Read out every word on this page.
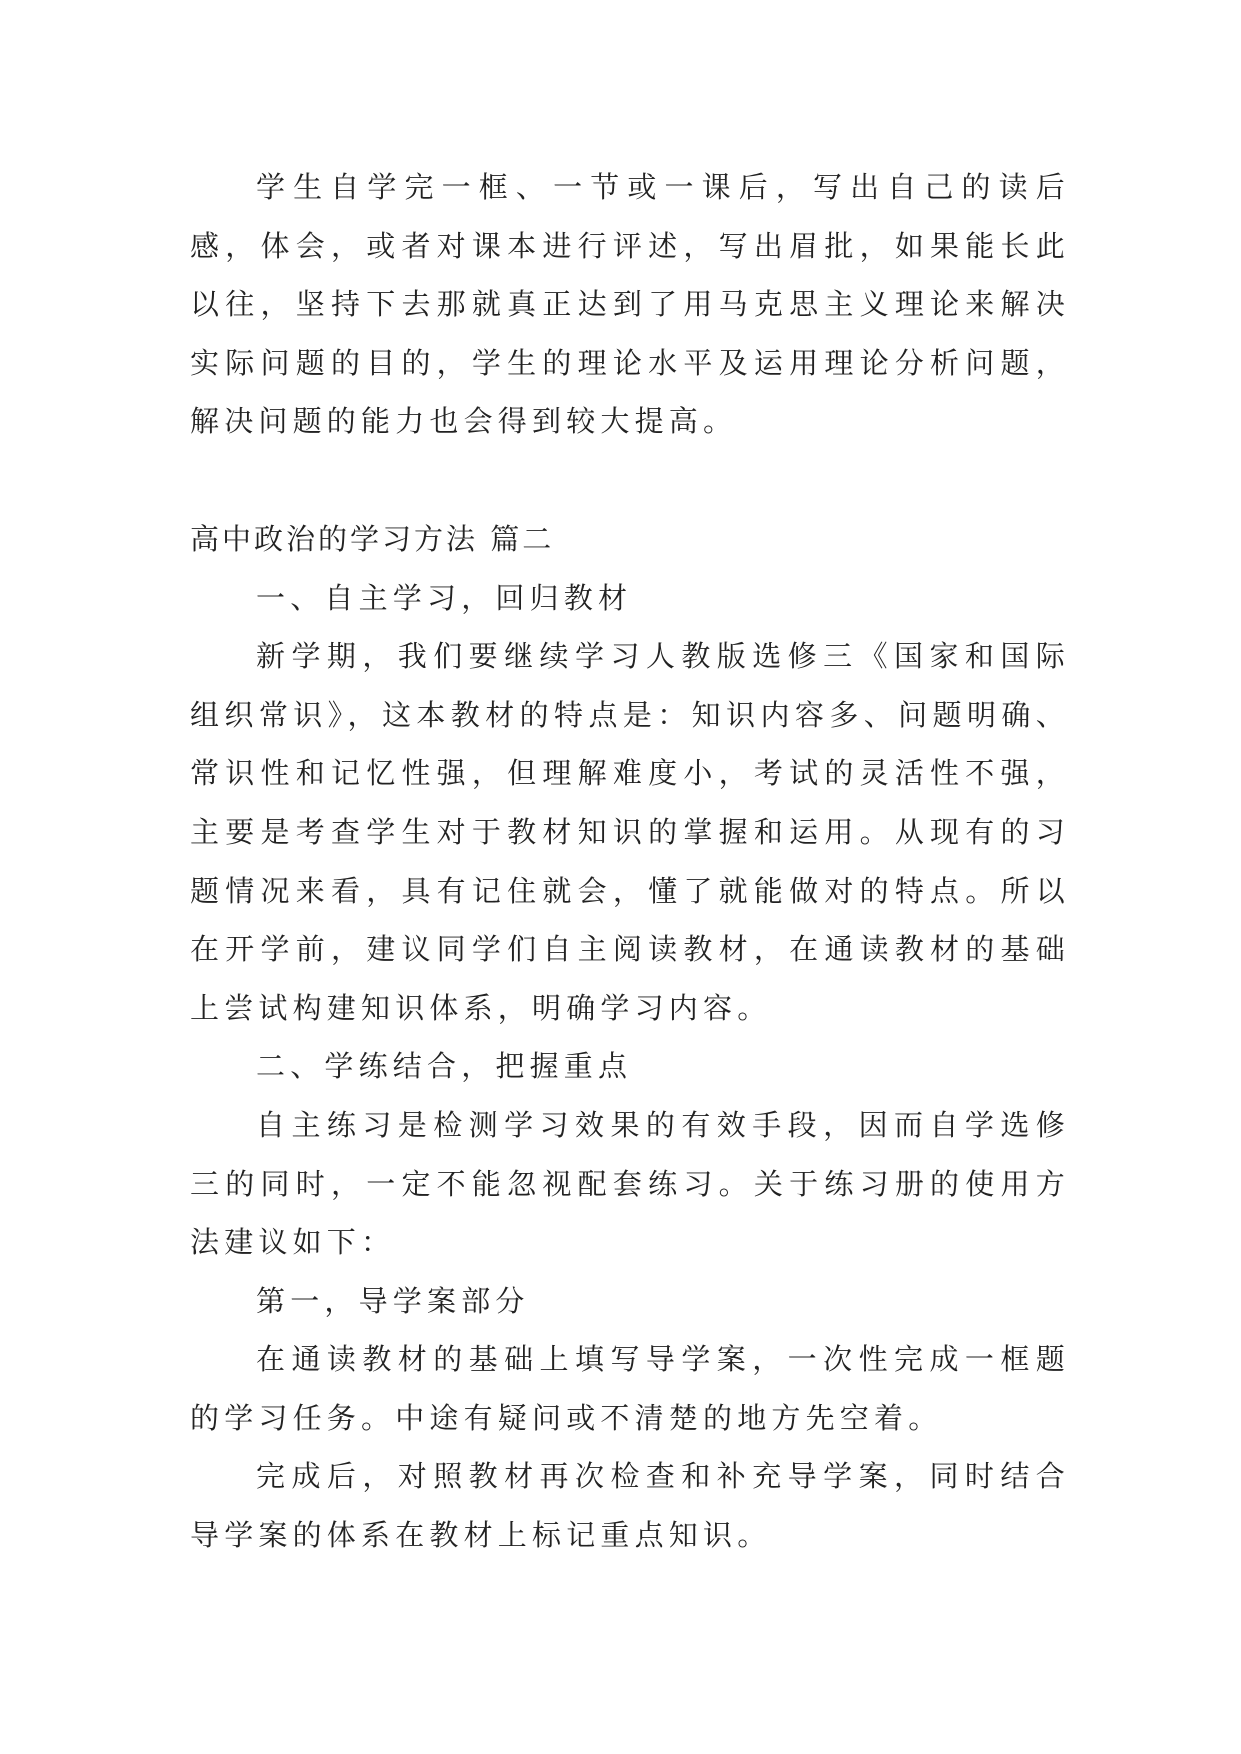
学生自学完一框、一节或一课后，写出自己的读后感，体会，或者对课本进行评述，写出眉批，如果能长此以往，坚持下去那就真正达到了用马克思主义理论来解决实际问题的目的，学生的理论水平及运用理论分析问题，解决问题的能力也会得到较大提高。

高中政治的学习方法 篇二

一、自主学习，回归教材

新学期，我们要继续学习人教版选修三《国家和国际组织常识》，这本教材的特点是：知识内容多、问题明确、常识性和记忆性强，但理解难度小，考试的灵活性不强，主要是考查学生对于教材知识的掌握和运用。从现有的习题情况来看，具有记住就会，懂了就能做对的特点。所以在开学前，建议同学们自主阅读教材，在通读教材的基础上尝试构建知识体系，明确学习内容。

二、学练结合，把握重点

自主练习是检测学习效果的有效手段，因而自学选修三的同时，一定不能忽视配套练习。关于练习册的使用方法建议如下：

第一，导学案部分

在通读教材的基础上填写导学案，一次性完成一框题的学习任务。中途有疑问或不清楚的地方先空着。

完成后，对照教材再次检查和补充导学案，同时结合导学案的体系在教材上标记重点知识。
